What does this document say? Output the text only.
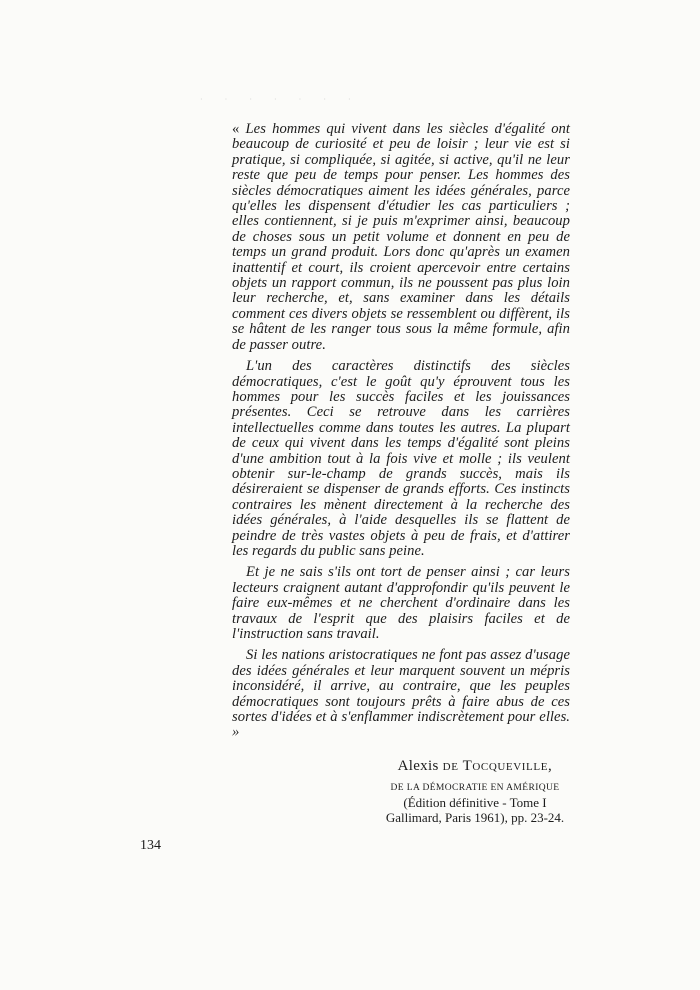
· · · · · · ·

« Les hommes qui vivent dans les siècles d'égalité ont beaucoup de curiosité et peu de loisir ; leur vie est si pratique, si compliquée, si agitée, si active, qu'il ne leur reste que peu de temps pour penser. Les hommes des siècles démocratiques aiment les idées générales, parce qu'elles les dispensent d'étudier les cas particuliers ; elles contiennent, si je puis m'exprimer ainsi, beaucoup de choses sous un petit volume et donnent en peu de temps un grand produit. Lors donc qu'après un examen inattentif et court, ils croient apercevoir entre certains objets un rapport commun, ils ne poussent pas plus loin leur recherche, et, sans examiner dans les détails comment ces divers objets se ressemblent ou diffèrent, ils se hâtent de les ranger tous sous la même formule, afin de passer outre.

L'un des caractères distinctifs des siècles démocratiques, c'est le goût qu'y éprouvent tous les hommes pour les succès faciles et les jouissances présentes. Ceci se retrouve dans les carrières intellectuelles comme dans toutes les autres. La plupart de ceux qui vivent dans les temps d'égalité sont pleins d'une ambition tout à la fois vive et molle ; ils veulent obtenir sur-le-champ de grands succès, mais ils désireraient se dispenser de grands efforts. Ces instincts contraires les mènent directement à la recherche des idées générales, à l'aide desquelles ils se flattent de peindre de très vastes objets à peu de frais, et d'attirer les regards du public sans peine.

Et je ne sais s'ils ont tort de penser ainsi ; car leurs lecteurs craignent autant d'approfondir qu'ils peuvent le faire eux-mêmes et ne cherchent d'ordinaire dans les travaux de l'esprit que des plaisirs faciles et de l'instruction sans travail.

Si les nations aristocratiques ne font pas assez d'usage des idées générales et leur marquent souvent un mépris inconsidéré, il arrive, au contraire, que les peuples démocratiques sont toujours prêts à faire abus de ces sortes d'idées et à s'enflammer indiscrètement pour elles. »

Alexis de Tocqueville,
DE LA DÉMOCRATIE EN AMÉRIQUE
(Édition définitive - Tome I
Gallimard, Paris 1961), pp. 23-24.
134
